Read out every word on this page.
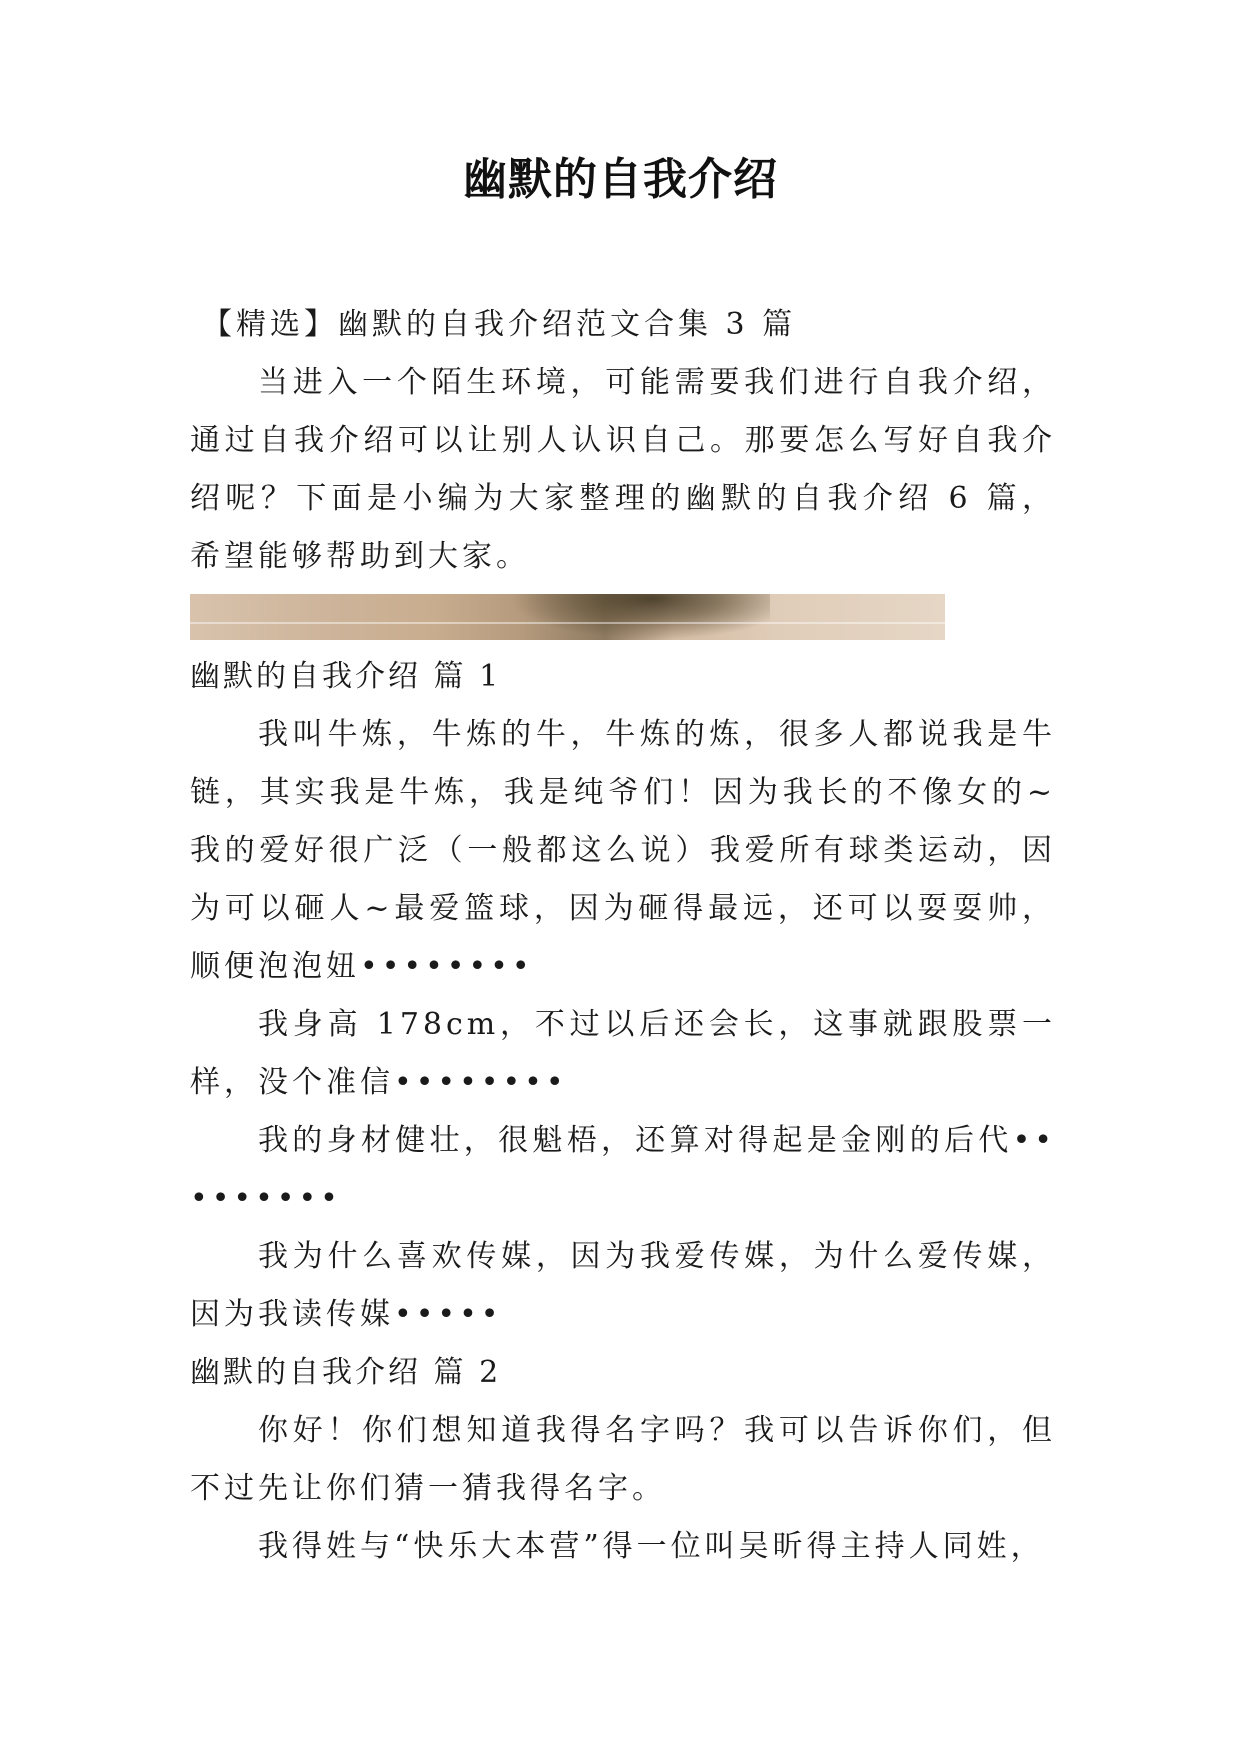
幽默的自我介绍

【精选】幽默的自我介绍范文合集 3 篇

当进入一个陌生环境，可能需要我们进行自我介绍，通过自我介绍可以让别人认识自己。那要怎么写好自我介绍呢？下面是小编为大家整理的幽默的自我介绍 6 篇，希望能够帮助到大家。

幽默的自我介绍 篇 1

我叫牛炼，牛炼的牛，牛炼的炼，很多人都说我是牛链，其实我是牛炼，我是纯爷们！因为我长的不像女的~我的爱好很广泛（一般都这么说）我爱所有球类运动，因为可以砸人~最爱篮球，因为砸得最远，还可以耍耍帅，顺便泡泡妞••••••••

我身高 178cm，不过以后还会长，这事就跟股票一样，没个准信••••••••

我的身材健壮，很魁梧，还算对得起是金刚的后代•••••••••

我为什么喜欢传媒，因为我爱传媒，为什么爱传媒，因为我读传媒•••••

幽默的自我介绍 篇 2

你好！你们想知道我得名字吗？我可以告诉你们，但不过先让你们猜一猜我得名字。

我得姓与“快乐大本营”得一位叫吴昕得主持人同姓，
